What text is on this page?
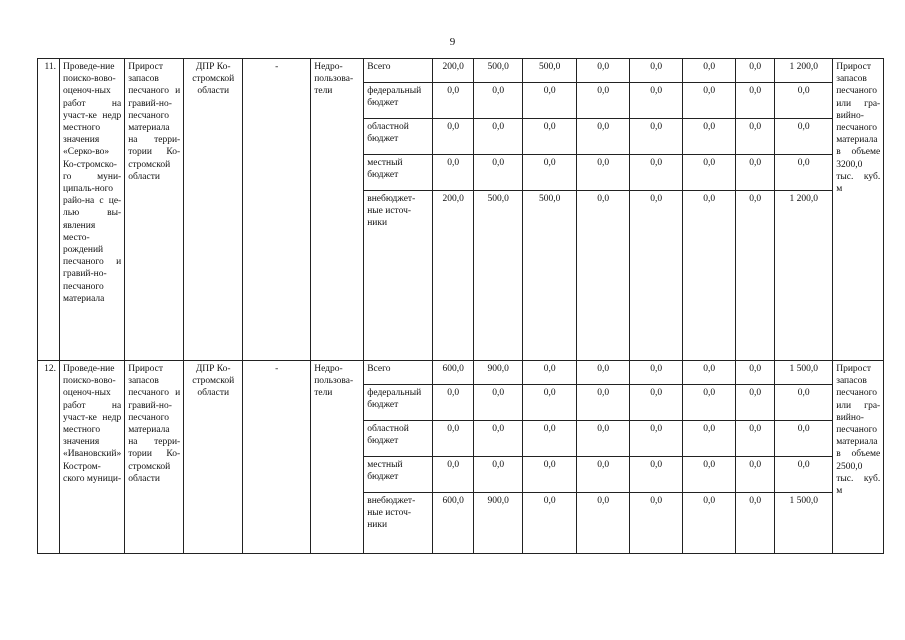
9
11.	Проведе-ние поиско-вово-оценоч-ных работ на участ-ке недр местного значения «Серко-во» Ко-стромско-го муни-ципаль-ного райо-на с це-лью вы-явления место-рождений песчаного и гравий-но-песчаного материала	Прирост запасов песчаного и гравий-но-песчаного материала на терри-тории Ко-стромской области	ДПР Ко-стромской области	-	Недро-пользова-тели	Всего	200,0	500,0	500,0	0,0	0,0	0,0	0,0	1 200,0	Прирост запасов песчаного или гра-вийно-песчаного материала в объеме 3200,0 тыс. куб. м
						федеральный бюджет	0,0	0,0	0,0	0,0	0,0	0,0	0,0	0,0	
						областной бюджет	0,0	0,0	0,0	0,0	0,0	0,0	0,0	0,0	
						местный бюджет	0,0	0,0	0,0	0,0	0,0	0,0	0,0	0,0	
						внебюджет-ные источ-ники	200,0	500,0	500,0	0,0	0,0	0,0	0,0	1 200,0	
12.	Проведе-ние поиско-вово-оценоч-ных работ на участ-ке недр местного значения «Ивановский» Костром-ского муници-	Прирост запасов песчаного и гравий-но-песчаного материала на терри-тории Ко-стромской области	ДПР Ко-стромской области	-	Недро-пользова-тели	Всего	600,0	900,0	0,0	0,0	0,0	0,0	0,0	1 500,0	Прирост запасов песчаного или гра-вийно-песчаного материала в объеме 2500,0 тыс. куб. м
						федеральный бюджет	0,0	0,0	0,0	0,0	0,0	0,0	0,0	0,0	
						областной бюджет	0,0	0,0	0,0	0,0	0,0	0,0	0,0	0,0	
						местный бюджет	0,0	0,0	0,0	0,0	0,0	0,0	0,0	0,0	
						внебюджет-ные источ-ники	600,0	900,0	0,0	0,0	0,0	0,0	0,0	1 500,0	
